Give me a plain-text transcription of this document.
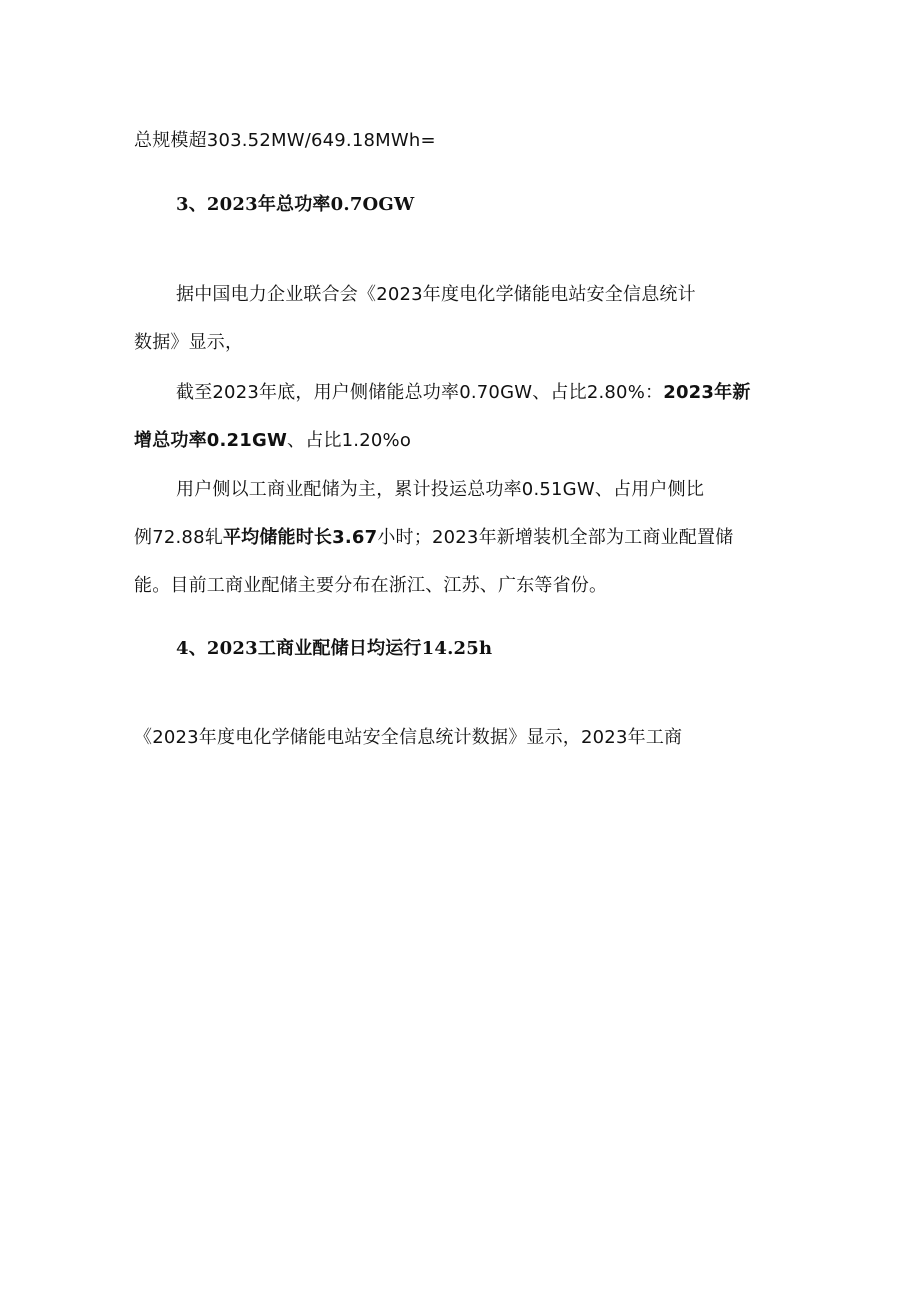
总规模超303.52MW/649.18MWh=
3、2023年总功率0.7OGW
据中国电力企业联合会《2023年度电化学储能电站安全信息统计
数据》显示，
截至2023年底，用户侧储能总功率0.70GW、占比2.80%：2023年新
增总功率0.21GW、占比1.20%o
用户侧以工商业配储为主，累计投运总功率0.51GW、占用户侧比
例72.88轧平均储能时长3.67小时；2023年新增装机全部为工商业配置储
能。目前工商业配储主要分布在浙江、江苏、广东等省份。
4、2023工商业配储日均运行14.25h
《2023年度电化学储能电站安全信息统计数据》显示，2023年工商
